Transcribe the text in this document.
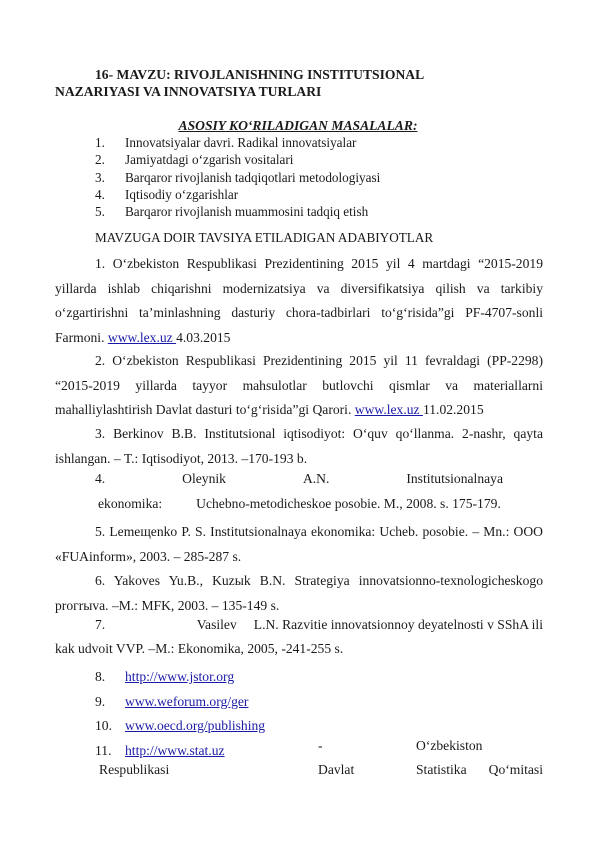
16- MAVZU: RIVOJLANISHNING INSTITUTSIONAL
NAZARIYASI VA INNOVATSIYA TURLARI
ASOSIY KO‘RILADIGAN MASALALAR:
1.	Innovatsiyalar davri. Radikal innovatsiyalar
2.	Jamiyatdagi o‘zgarish vositalari
3.	Barqaror rivojlanish tadqiqotlari metodologiyasi
4.	Iqtisodiy o‘zgarishlar
5.	Barqaror rivojlanish muammosini tadqiq etish
MAVZUGA DOIR TAVSIYA ETILADIGAN ADABIYOTLAR
1. O‘zbekiston Respublikasi Prezidentining 2015 yil 4 martdagi “2015-2019 yillarda ishlab chiqarishni modernizatsiya va diversifikatsiya qilish va tarkibiy o‘zgartirishni ta’minlashning dasturiy chora-tadbirlari to‘g‘risida”gi PF-4707-sonli Farmoni. www.lex.uz 4.03.2015
2. O‘zbekiston Respublikasi Prezidentining 2015 yil 11 fevraldagi (PP-2298) “2015-2019 yillarda tayyor mahsulotlar butlovchi qismlar va materiallarni mahalliylashtirish Davlat dasturi to‘g‘risida”gi Qarori. www.lex.uz 11.02.2015
3. Berkinov B.B. Institutsional iqtisodiyot: O‘quv qo‘llanma. 2-nashr, qayta ishlangan. – T.: Iqtisodiyot, 2013. –170-193 b.
4.	Oleynik	A.N.	Institutsionalnaya
ekonomika:          Uchebno-metodicheskoe posobie. M., 2008. s. 175-179.
5. Lemeщenko P. S. Institutsionalnaya ekonomika: Ucheb. posobie. – Mn.: OOO «FUAinform», 2003. – 285-287 s.
6. Yakoves Yu.B., Kuzыk B.N. Strategiya innovatsionno-texnologicheskogo prогrыva. –M.: MFK, 2003. – 135-149 s.
7.	Vasilev     L.N. Razvitie innovatsionnoy deyatelnosti v SShA ili
kak udvoit VVP. –M.: Ekonomika, 2005, -241-255 s.
8.	http://www.jstor.org
9.	www.weforum.org/ger
10. www.oecd.org/publishing
11. http://www.stat.uz	-	O‘zbekiston
Respublikasi	Davlat	Statistika	Qo‘mitasi
